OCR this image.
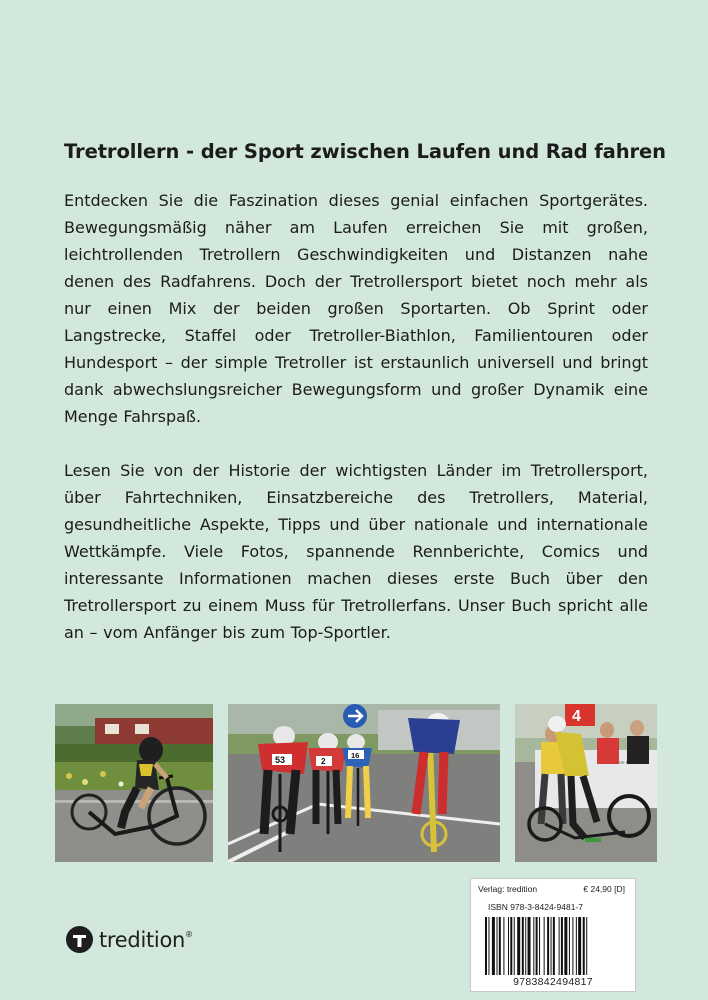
Tretrollern - der Sport zwischen Laufen und Rad fahren

Entdecken Sie die Faszination dieses genial einfachen Sportgerätes. Bewegungsmäßig näher am Laufen erreichen Sie mit großen, leichtrollenden Tretrollern Geschwindigkeiten und Distanzen nahe denen des Radfahrens. Doch der Tretrollersport bietet noch mehr als nur einen Mix der beiden großen Sportarten. Ob Sprint oder Langstrecke, Staffel oder Tretroller-Biathlon, Familientouren oder Hundesport – der simple Tretroller ist erstaunlich universell und bringt dank abwechslungsreicher Bewegungsform und großer Dynamik eine Menge Fahrspaß.

Lesen Sie von der Historie der wichtigsten Länder im Tretrollersport, über Fahrtechniken, Einsatzbereiche des Tretrollers, Material, gesundheitliche Aspekte, Tipps und über nationale und internationale Wettkämpfe. Viele Fotos, spannende Rennberichte, Comics und interessante Informationen machen dieses erste Buch über den Tretrollersport zu einem Muss für Tretrollerfans. Unser Buch spricht alle an – vom Anfänger bis zum Top-Sportler.

53	2
16
4
tredition®
Verlag: tredition	€ 24,90 [D]
ISBN 978-3-8424-9481-7
9783842494817
